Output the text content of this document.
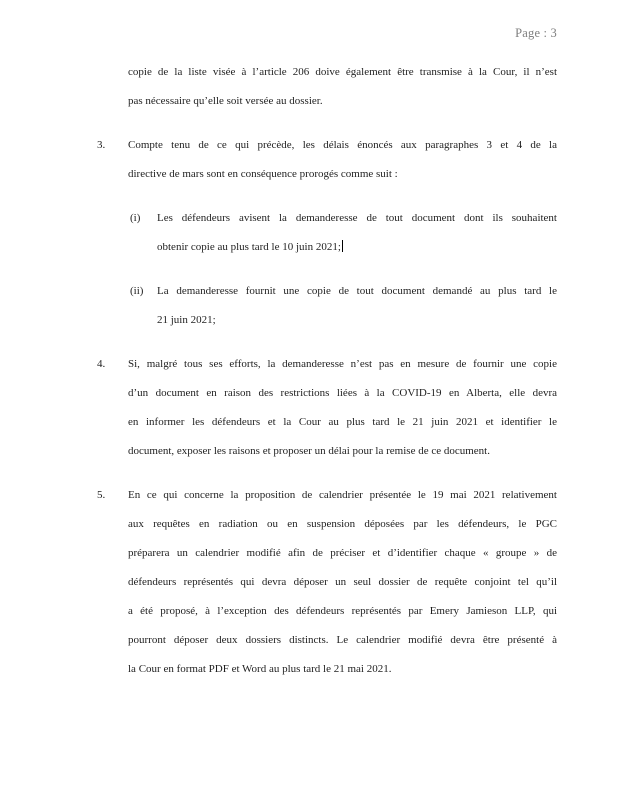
Page : 3
copie de la liste visée à l’article 206 doive également être transmise à la Cour, il n’est
pas nécessaire qu’elle soit versée au dossier.
3. Compte tenu de ce qui précède, les délais énoncés aux paragraphes 3 et 4 de la
directive de mars sont en conséquence prorogés comme suit :
(i) Les défendeurs avisent la demanderesse de tout document dont ils souhaitent
obtenir copie au plus tard le 10 juin 2021;
(ii) La demanderesse fournit une copie de tout document demandé au plus tard le
21 juin 2021;
4. Si, malgré tous ses efforts, la demanderesse n’est pas en mesure de fournir une copie
d’un document en raison des restrictions liées à la COVID-19 en Alberta, elle devra
en informer les défendeurs et la Cour au plus tard le 21 juin 2021 et identifier le
document, exposer les raisons et proposer un délai pour la remise de ce document.
5. En ce qui concerne la proposition de calendrier présentée le 19 mai 2021 relativement
aux requêtes en radiation ou en suspension déposées par les défendeurs, le PGC
préparera un calendrier modifié afin de préciser et d’identifier chaque « groupe » de
défendeurs représentés qui devra déposer un seul dossier de requête conjoint tel qu’il
a été proposé, à l’exception des défendeurs représentés par Emery Jamieson LLP, qui
pourront déposer deux dossiers distincts. Le calendrier modifié devra être présenté à
la Cour en format PDF et Word au plus tard le 21 mai 2021.
